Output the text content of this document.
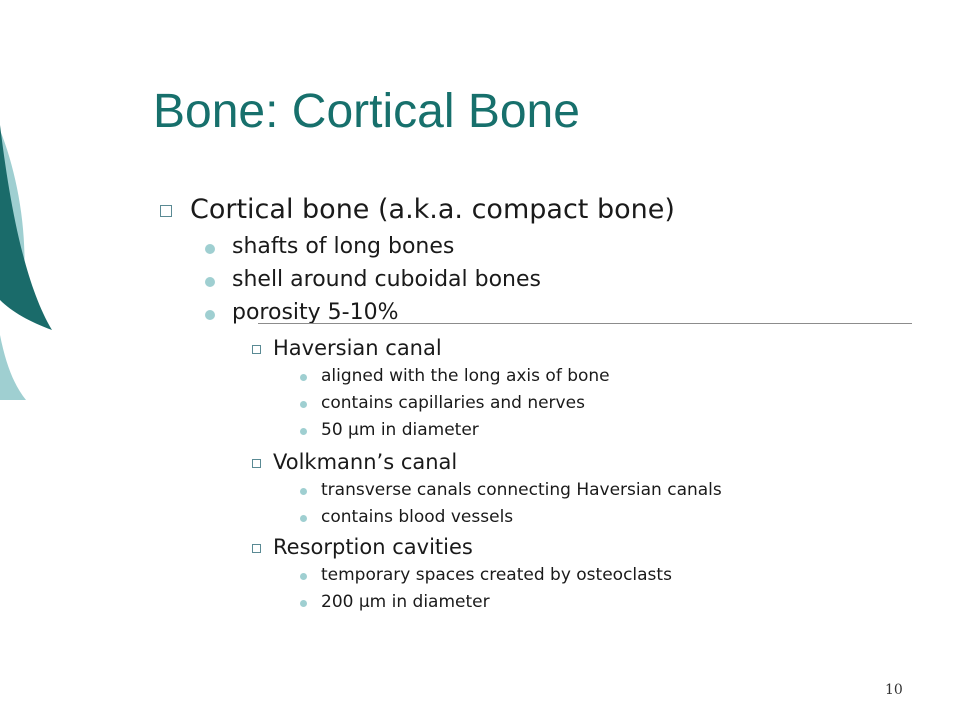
Bone: Cortical Bone
Cortical bone (a.k.a. compact bone)
shafts of long bones
shell around cuboidal bones
porosity 5-10%
Haversian canal
aligned with the long axis of bone
contains capillaries and nerves
50 µm in diameter
Volkmann’s canal
transverse canals connecting Haversian canals
contains blood vessels
Resorption cavities
temporary spaces created by osteoclasts
200 µm in diameter
10
